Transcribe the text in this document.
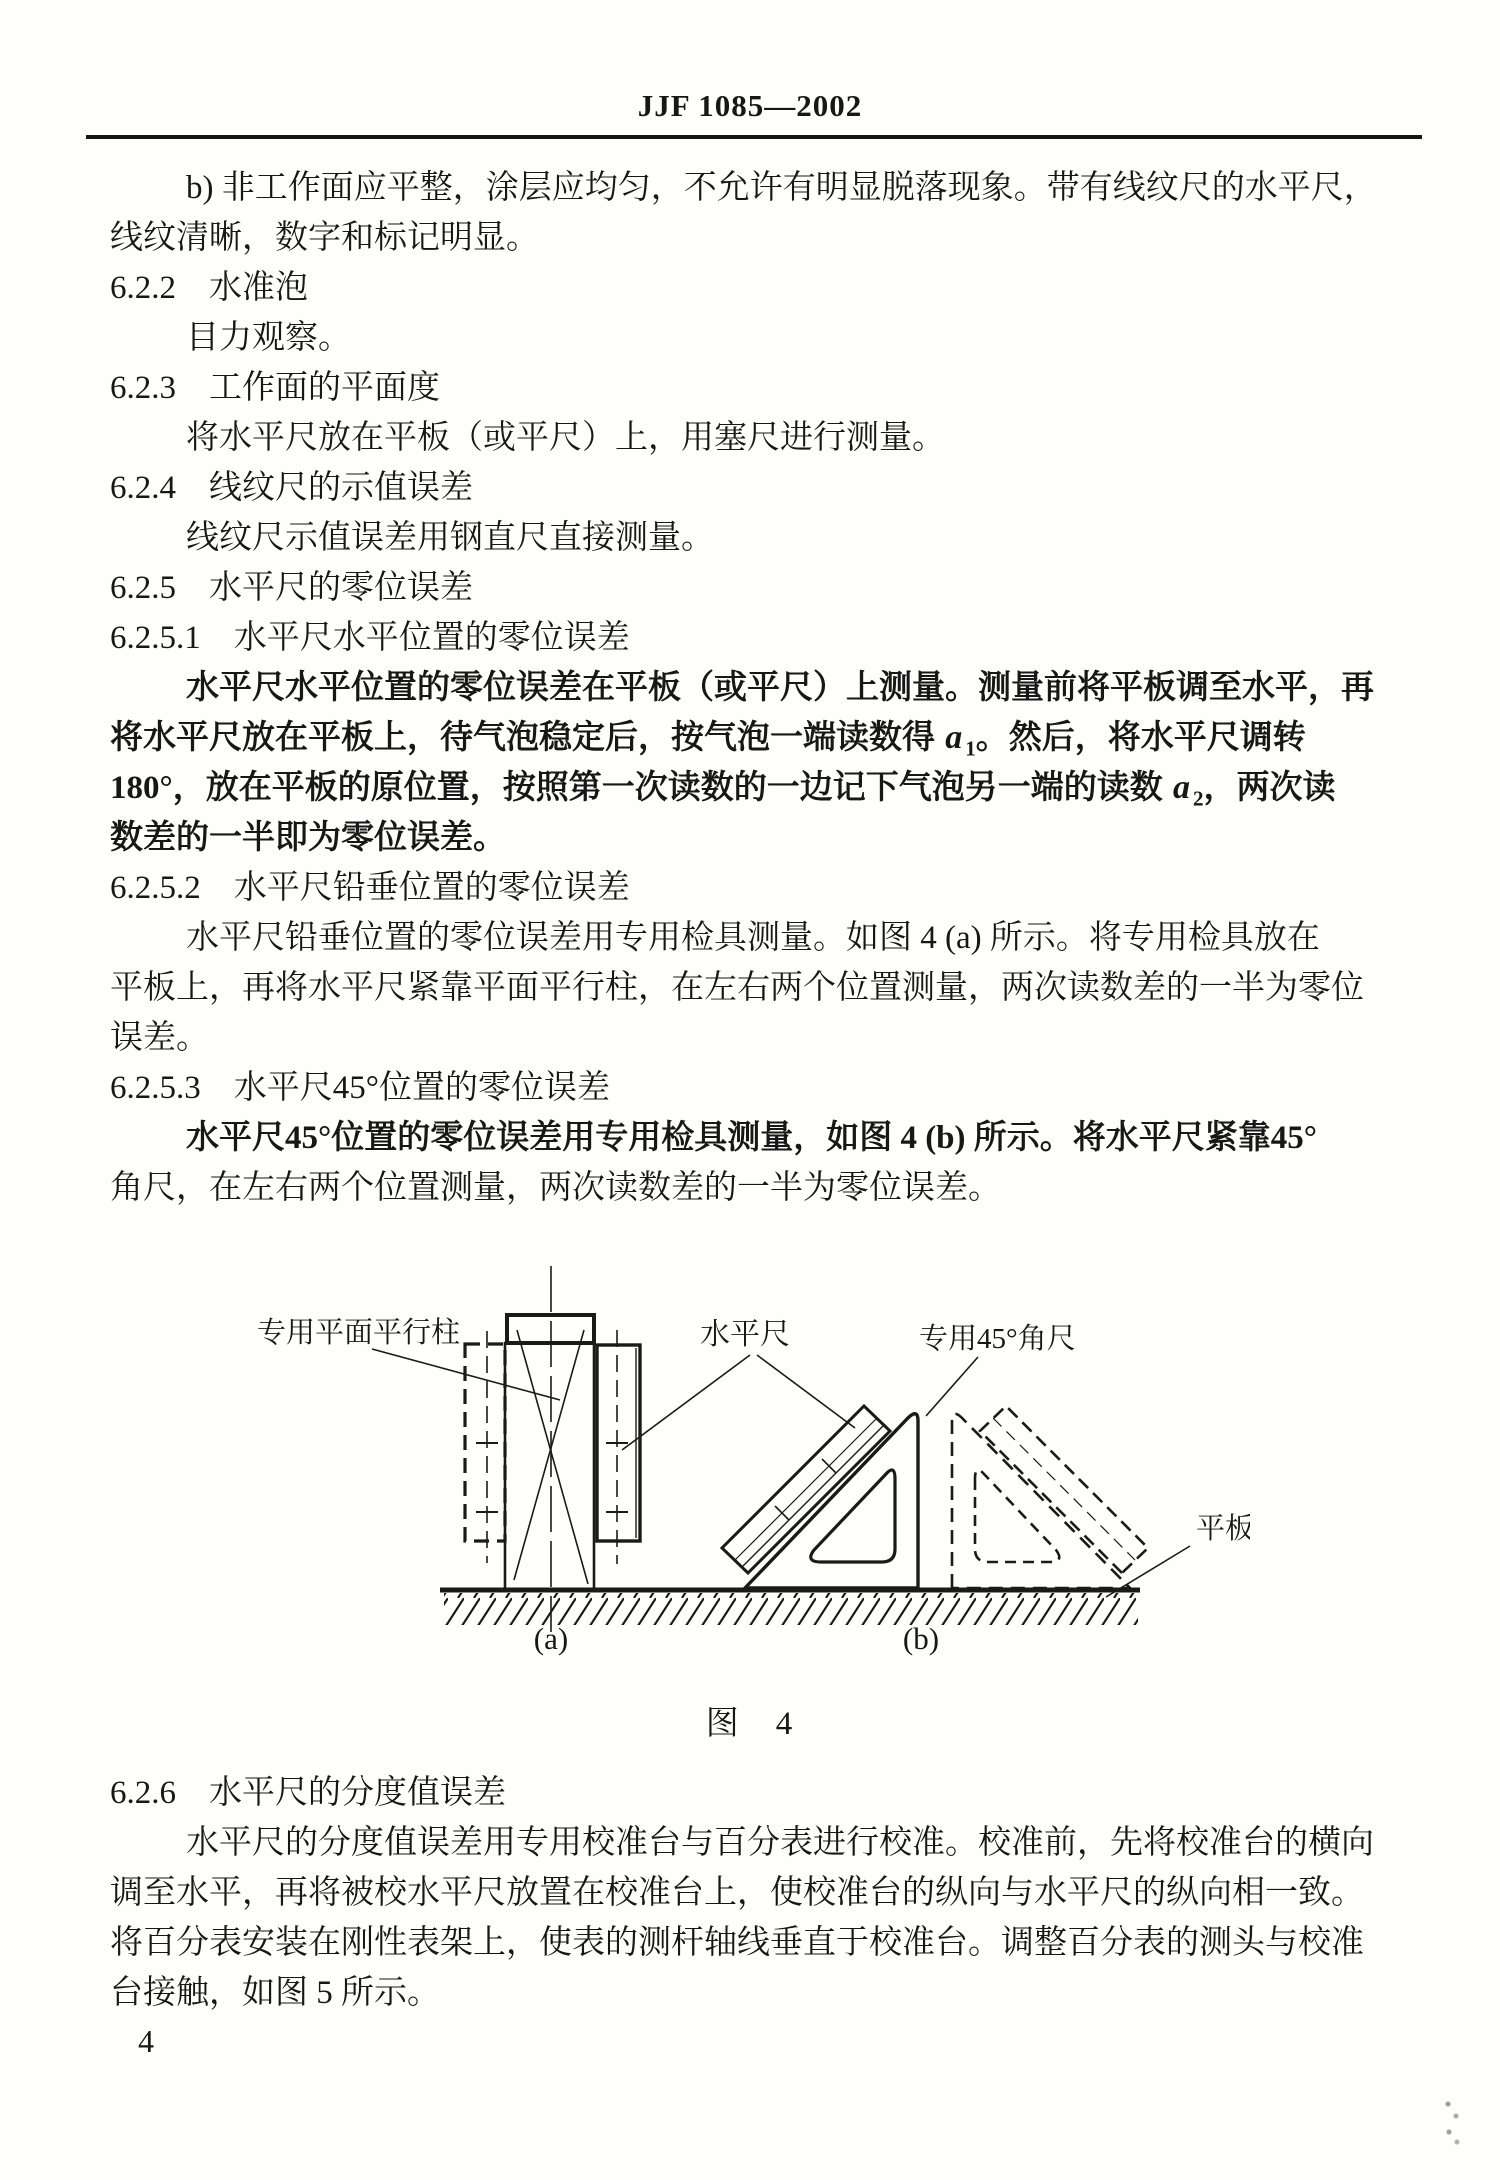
JJF 1085—2002
b) 非工作面应平整，涂层应均匀，不允许有明显脱落现象。带有线纹尺的水平尺，
线纹清晰，数字和标记明显。
6.2.2　水准泡
目力观察。
6.2.3　工作面的平面度
将水平尺放在平板（或平尺）上，用塞尺进行测量。
6.2.4　线纹尺的示值误差
线纹尺示值误差用钢直尺直接测量。
6.2.5　水平尺的零位误差
6.2.5.1　水平尺水平位置的零位误差
水平尺水平位置的零位误差在平板（或平尺）上测量。测量前将平板调至水平，再
将水平尺放在平板上，待气泡稳定后，按气泡一端读数得 a $_1$。然后，将水平尺调转
180°，放在平板的原位置，按照第一次读数的一边记下气泡另一端的读数 a $_2$，两次读
数差的一半即为零位误差。
6.2.5.2　水平尺铅垂位置的零位误差
水平尺铅垂位置的零位误差用专用检具测量。如图 4 (a) 所示。将专用检具放在
平板上，再将水平尺紧靠平面平行柱，在左右两个位置测量，两次读数差的一半为零位
误差。
6.2.5.3　水平尺45°位置的零位误差
水平尺45°位置的零位误差用专用检具测量，如图 4 (b) 所示。将水平尺紧靠45°
角尺，在左右两个位置测量，两次读数差的一半为零位误差。
专用平面平行柱	水平尺	专用45°角尺
平板
(a)	(b)
图　4
6.2.6　水平尺的分度值误差
水平尺的分度值误差用专用校准台与百分表进行校准。校准前，先将校准台的横向
调至水平，再将被校水平尺放置在校准台上，使校准台的纵向与水平尺的纵向相一致。
将百分表安装在刚性表架上，使表的测杆轴线垂直于校准台。调整百分表的测头与校准
台接触，如图 5 所示。
4
